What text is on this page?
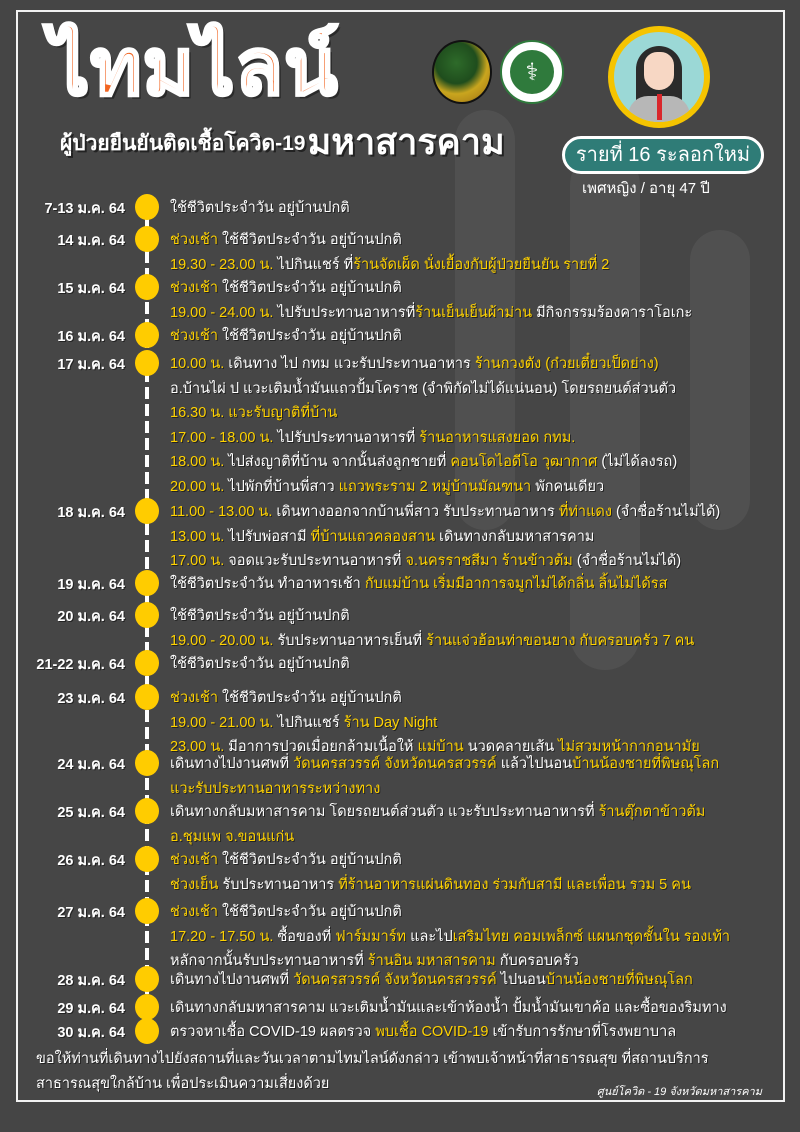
ไทมไลน์
ผู้ป่วยยืนยันติดเชื้อโควิด-19 มหาสารคาม
⚕
รายที่ 16 ระลอกใหม่
เพศหญิง / อายุ 47 ปี
7-13 ม.ค. 64	ใช้ชีวิตประจำวัน อยู่บ้านปกติ
14 ม.ค. 64	ช่วงเช้า ใช้ชีวิตประจำวัน อยู่บ้านปกติ
19.30 - 23.00 น. ไปกินแชร์ ที่ร้านจัดเผ็ด นั่งเยื้องกับผู้ป่วยยืนยัน รายที่ 2
15 ม.ค. 64	ช่วงเช้า ใช้ชีวิตประจำวัน อยู่บ้านปกติ
19.00 - 24.00 น. ไปรับประทานอาหารที่ร้านเย็นเย็นผ้าม่าน มีกิจกรรมร้องคาราโอเกะ
16 ม.ค. 64	ช่วงเช้า ใช้ชีวิตประจำวัน อยู่บ้านปกติ
17 ม.ค. 64	10.00 น. เดินทาง ไป กทม แวะรับประทานอาหาร ร้านกวงตัง (ก๋วยเตี๋ยวเป็ดย่าง)
อ.บ้านไผ่ ป แวะเติมน้ำมันแถวปั้มโคราช (จำพิกัดไม่ได้แน่นอน) โดยรถยนต์ส่วนตัว
16.30 น. แวะรับญาติที่บ้าน
17.00 - 18.00 น. ไปรับประทานอาหารที่ ร้านอาหารแสงยอด กทม.
18.00 น. ไปส่งญาติที่บ้าน จากนั้นส่งลูกชายที่ คอนโดไอดีโอ วุฒากาศ (ไม่ได้ลงรถ)
20.00 น. ไปพักที่บ้านพี่สาว แถวพระราม 2 หมู่บ้านมัณฑนา พักคนเดียว
18 ม.ค. 64	11.00 - 13.00 น. เดินทางออกจากบ้านพี่สาว รับประทานอาหาร ที่ท่าแดง (จำชื่อร้านไม่ได้)
13.00 น. ไปรับพ่อสามี ที่บ้านแถวคลองสาน เดินทางกลับมหาสารคาม
17.00 น. จอดแวะรับประทานอาหารที่ จ.นครราชสีมา ร้านข้าวต้ม (จำชื่อร้านไม่ได้)
19 ม.ค. 64	ใช้ชีวิตประจำวัน ทำอาหารเช้า กับแม่บ้าน เริ่มมีอาการจมูกไม่ได้กลิ่น ลิ้นไม่ได้รส
20 ม.ค. 64	ใช้ชีวิตประจำวัน อยู่บ้านปกติ
19.00 - 20.00 น. รับประทานอาหารเย็นที่ ร้านแจ่วฮ้อนท่าขอนยาง กับครอบครัว 7 คน
21-22 ม.ค. 64	ใช้ชีวิตประจำวัน อยู่บ้านปกติ
23 ม.ค. 64	ช่วงเช้า ใช้ชีวิตประจำวัน อยู่บ้านปกติ
19.00 - 21.00 น. ไปกินแชร์ ร้าน Day Night
23.00 น. มีอาการปวดเมื่อยกล้ามเนื้อให้ แม่บ้าน นวดคลายเส้น ไม่สวมหน้ากากอนามัย
24 ม.ค. 64	เดินทางไปงานศพที่ วัดนครสวรรค์ จังหวัดนครสวรรค์ แล้วไปนอนบ้านน้องชายที่พิษณุโลก
แวะรับประทานอาหารระหว่างทาง
25 ม.ค. 64	เดินทางกลับมหาสารคาม โดยรถยนต์ส่วนตัว แวะรับประทานอาหารที่ ร้านตุ๊กตาข้าวต้ม
อ.ชุมแพ จ.ขอนแก่น
26 ม.ค. 64	ช่วงเช้า ใช้ชีวิตประจำวัน อยู่บ้านปกติ
ช่วงเย็น รับประทานอาหาร ที่ร้านอาหารแผ่นดินทอง ร่วมกับสามี และเพื่อน รวม 5 คน
27 ม.ค. 64	ช่วงเช้า ใช้ชีวิตประจำวัน อยู่บ้านปกติ
17.20 - 17.50 น. ซื้อของที่ ฟาร์มมาร์ท และไปเสริมไทย คอมเพล็กซ์ แผนกชุดชั้นใน รองเท้า
หลักจากนั้นรับประทานอาหารที่ ร้านอิน มหาสารคาม กับครอบครัว
28 ม.ค. 64	เดินทางไปงานศพที่ วัดนครสวรรค์ จังหวัดนครสวรรค์ ไปนอนบ้านน้องชายที่พิษณุโลก
29 ม.ค. 64	เดินทางกลับมหาสารคาม แวะเติมน้ำมันและเข้าห้องน้ำ ปั้มน้ำมันเขาค้อ และซื้อของริมทาง
30 ม.ค. 64	ตรวจหาเชื้อ COVID-19 ผลตรวจ พบเชื้อ COVID-19 เข้ารับการรักษาที่โรงพยาบาล
ขอให้ท่านที่เดินทางไปยังสถานที่และวันเวลาตามไทมไลน์ดังกล่าว เข้าพบเจ้าหน้าที่สาธารณสุข ที่สถานบริการสาธารณสุขใกล้บ้าน เพื่อประเมินความเสี่ยงด้วย	ศูนย์โควิด - 19 จังหวัดมหาสารคาม
